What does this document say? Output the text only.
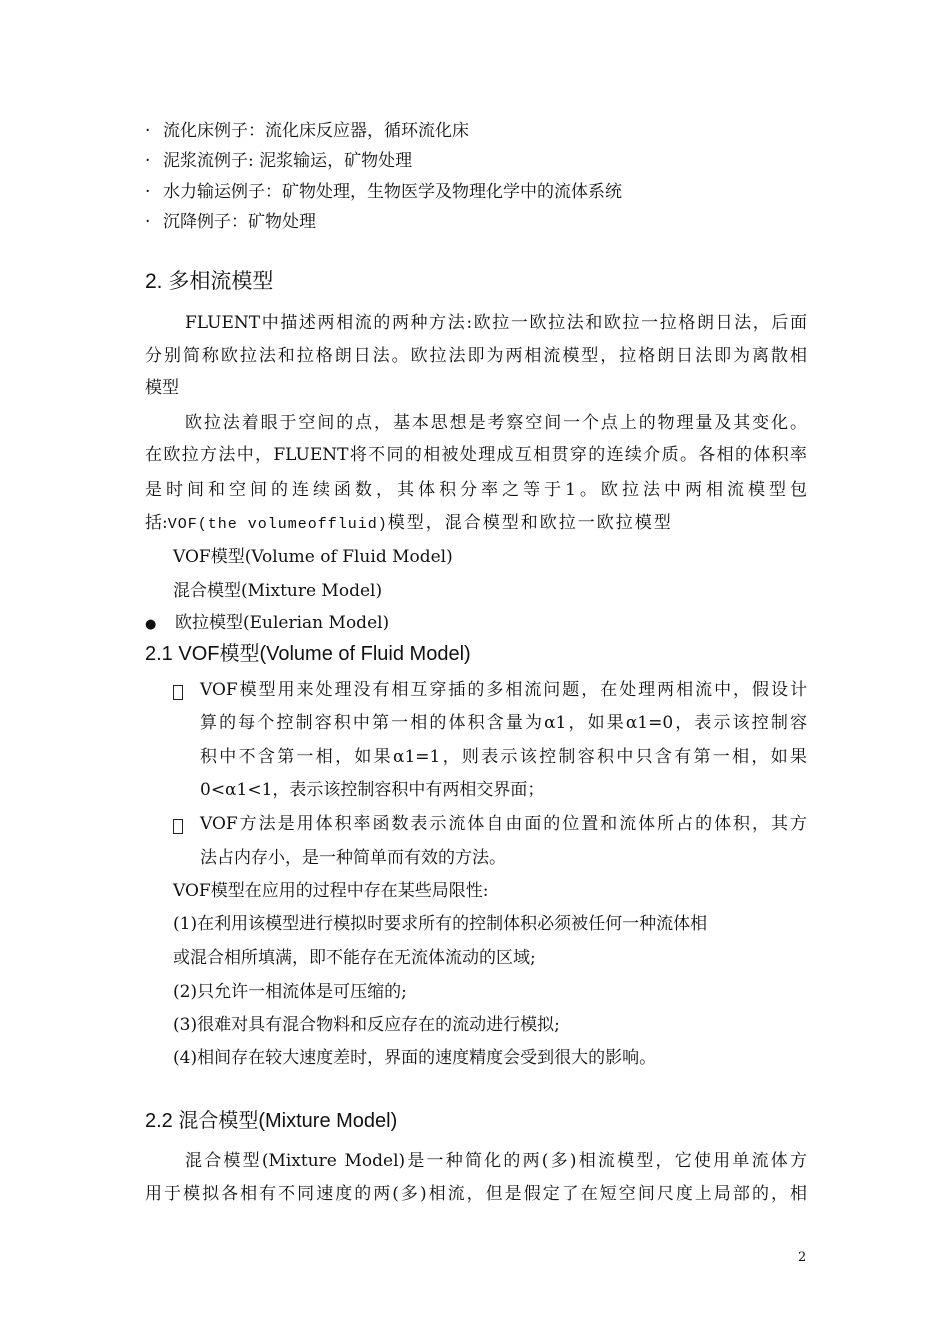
· 流化床例子：流化床反应器，循环流化床
· 泥浆流例子: 泥浆输运，矿物处理
· 水力输运例子：矿物处理，生物医学及物理化学中的流体系统
· 沉降例子：矿物处理
2. 多相流模型
FLUENT中描述两相流的两种方法:欧拉一欧拉法和欧拉一拉格朗日法，后面
分别简称欧拉法和拉格朗日法。欧拉法即为两相流模型，拉格朗日法即为离散相
模型
欧拉法着眼于空间的点，基本思想是考察空间一个点上的物理量及其变化。
在欧拉方法中，FLUENT将不同的相被处理成互相贯穿的连续介质。各相的体积率
是时间和空间的连续函数，其体积分率之等于1。欧拉法中两相流模型包
括:VOF(the volumeoffluid)模型，混合模型和欧拉一欧拉模型
VOF模型(Volume of Fluid Model)
混合模型(Mixture Model)
● 欧拉模型(Eulerian Model)
2.1 VOF模型(Volume of Fluid Model)
VOF模型用来处理没有相互穿插的多相流问题，在处理两相流中，假设计
算的每个控制容积中第一相的体积含量为α1，如果α1=0，表示该控制容
积中不含第一相，如果α1=1，则表示该控制容积中只含有第一相，如果
0<α1<1，表示该控制容积中有两相交界面；
VOF方法是用体积率函数表示流体自由面的位置和流体所占的体积，其方
法占内存小，是一种简单而有效的方法。
VOF模型在应用的过程中存在某些局限性:
(1)在利用该模型进行模拟时要求所有的控制体积必须被任何一种流体相
或混合相所填满，即不能存在无流体流动的区域;
(2)只允许一相流体是可压缩的;
(3)很难对具有混合物料和反应存在的流动进行模拟;
(4)相间存在较大速度差时，界面的速度精度会受到很大的影响。
2.2 混合模型(Mixture Model)
混合模型(Mixture Model)是一种简化的两(多)相流模型，它使用单流体方
用于模拟各相有不同速度的两(多)相流，但是假定了在短空间尺度上局部的，相
2
